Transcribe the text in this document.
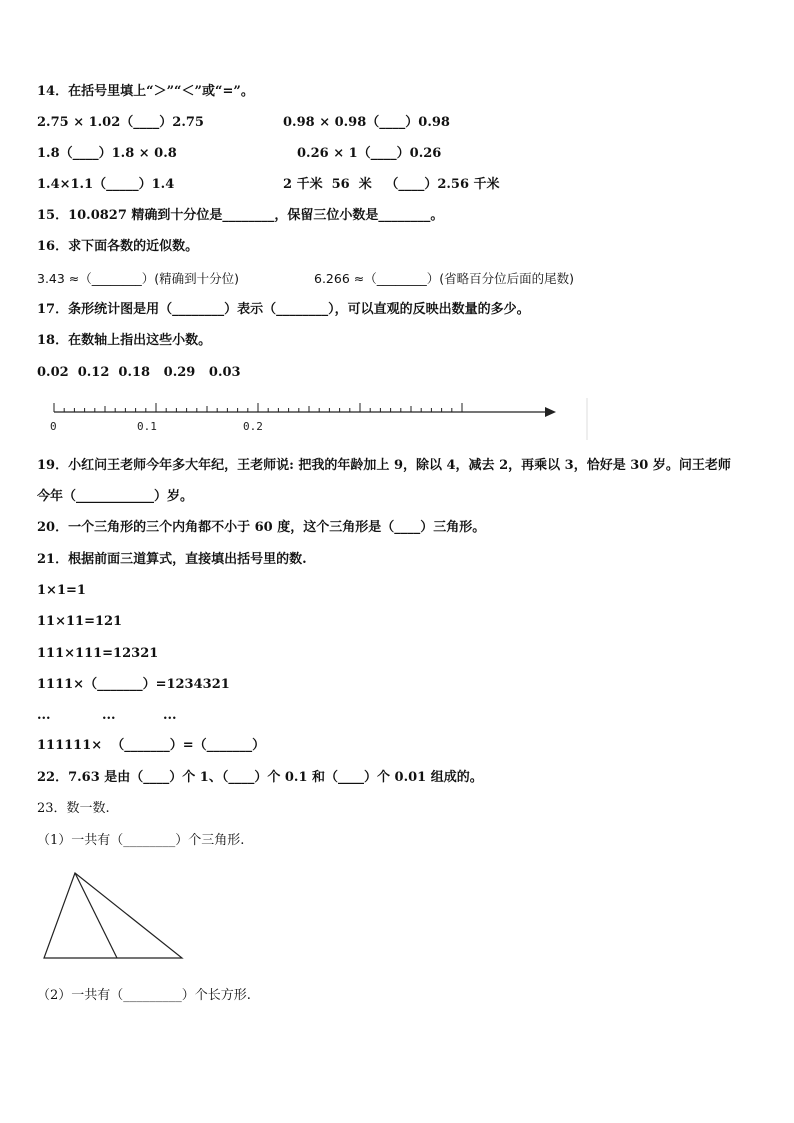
14．在括号里填上“＞”“＜”或“=”。
2.75 × 1.02（____）2.75	0.98 × 0.98（____）0.98
1.8（____）1.8 × 0.8	0.26 × 1（____）0.26
1.4×1.1（_____）1.4	2 千米  56  米   （____）2.56 千米
15．10.0827 精确到十分位是________，保留三位小数是________。
16．求下面各数的近似数。
3.43 ≈（________）(精确到十分位)	6.266 ≈（________）(省略百分位后面的尾数)
17．条形统计图是用（________）表示（________），可以直观的反映出数量的多少。
18．在数轴上指出这些小数。
0.02  0.12  0.18   0.29   0.03
0	0.1	0.2
19．小红问王老师今年多大年纪，王老师说: 把我的年龄加上 9，除以 4，减去 2，再乘以 3，恰好是 30 岁。问王老师
今年（____________）岁。
20．一个三角形的三个内角都不小于 60 度，这个三角形是（____）三角形。
21．根据前面三道算式，直接填出括号里的数.
1×1=1
11×11=121
111×111=12321
1111×（_______）=1234321
...	...	...
111111×  （_______）=（_______）
22．7.63 是由（____）个 1、（____）个 0.1 和（____）个 0.01 组成的。
23．数一数.
（1）一共有（________）个三角形.
（2）一共有（_________）个长方形.
